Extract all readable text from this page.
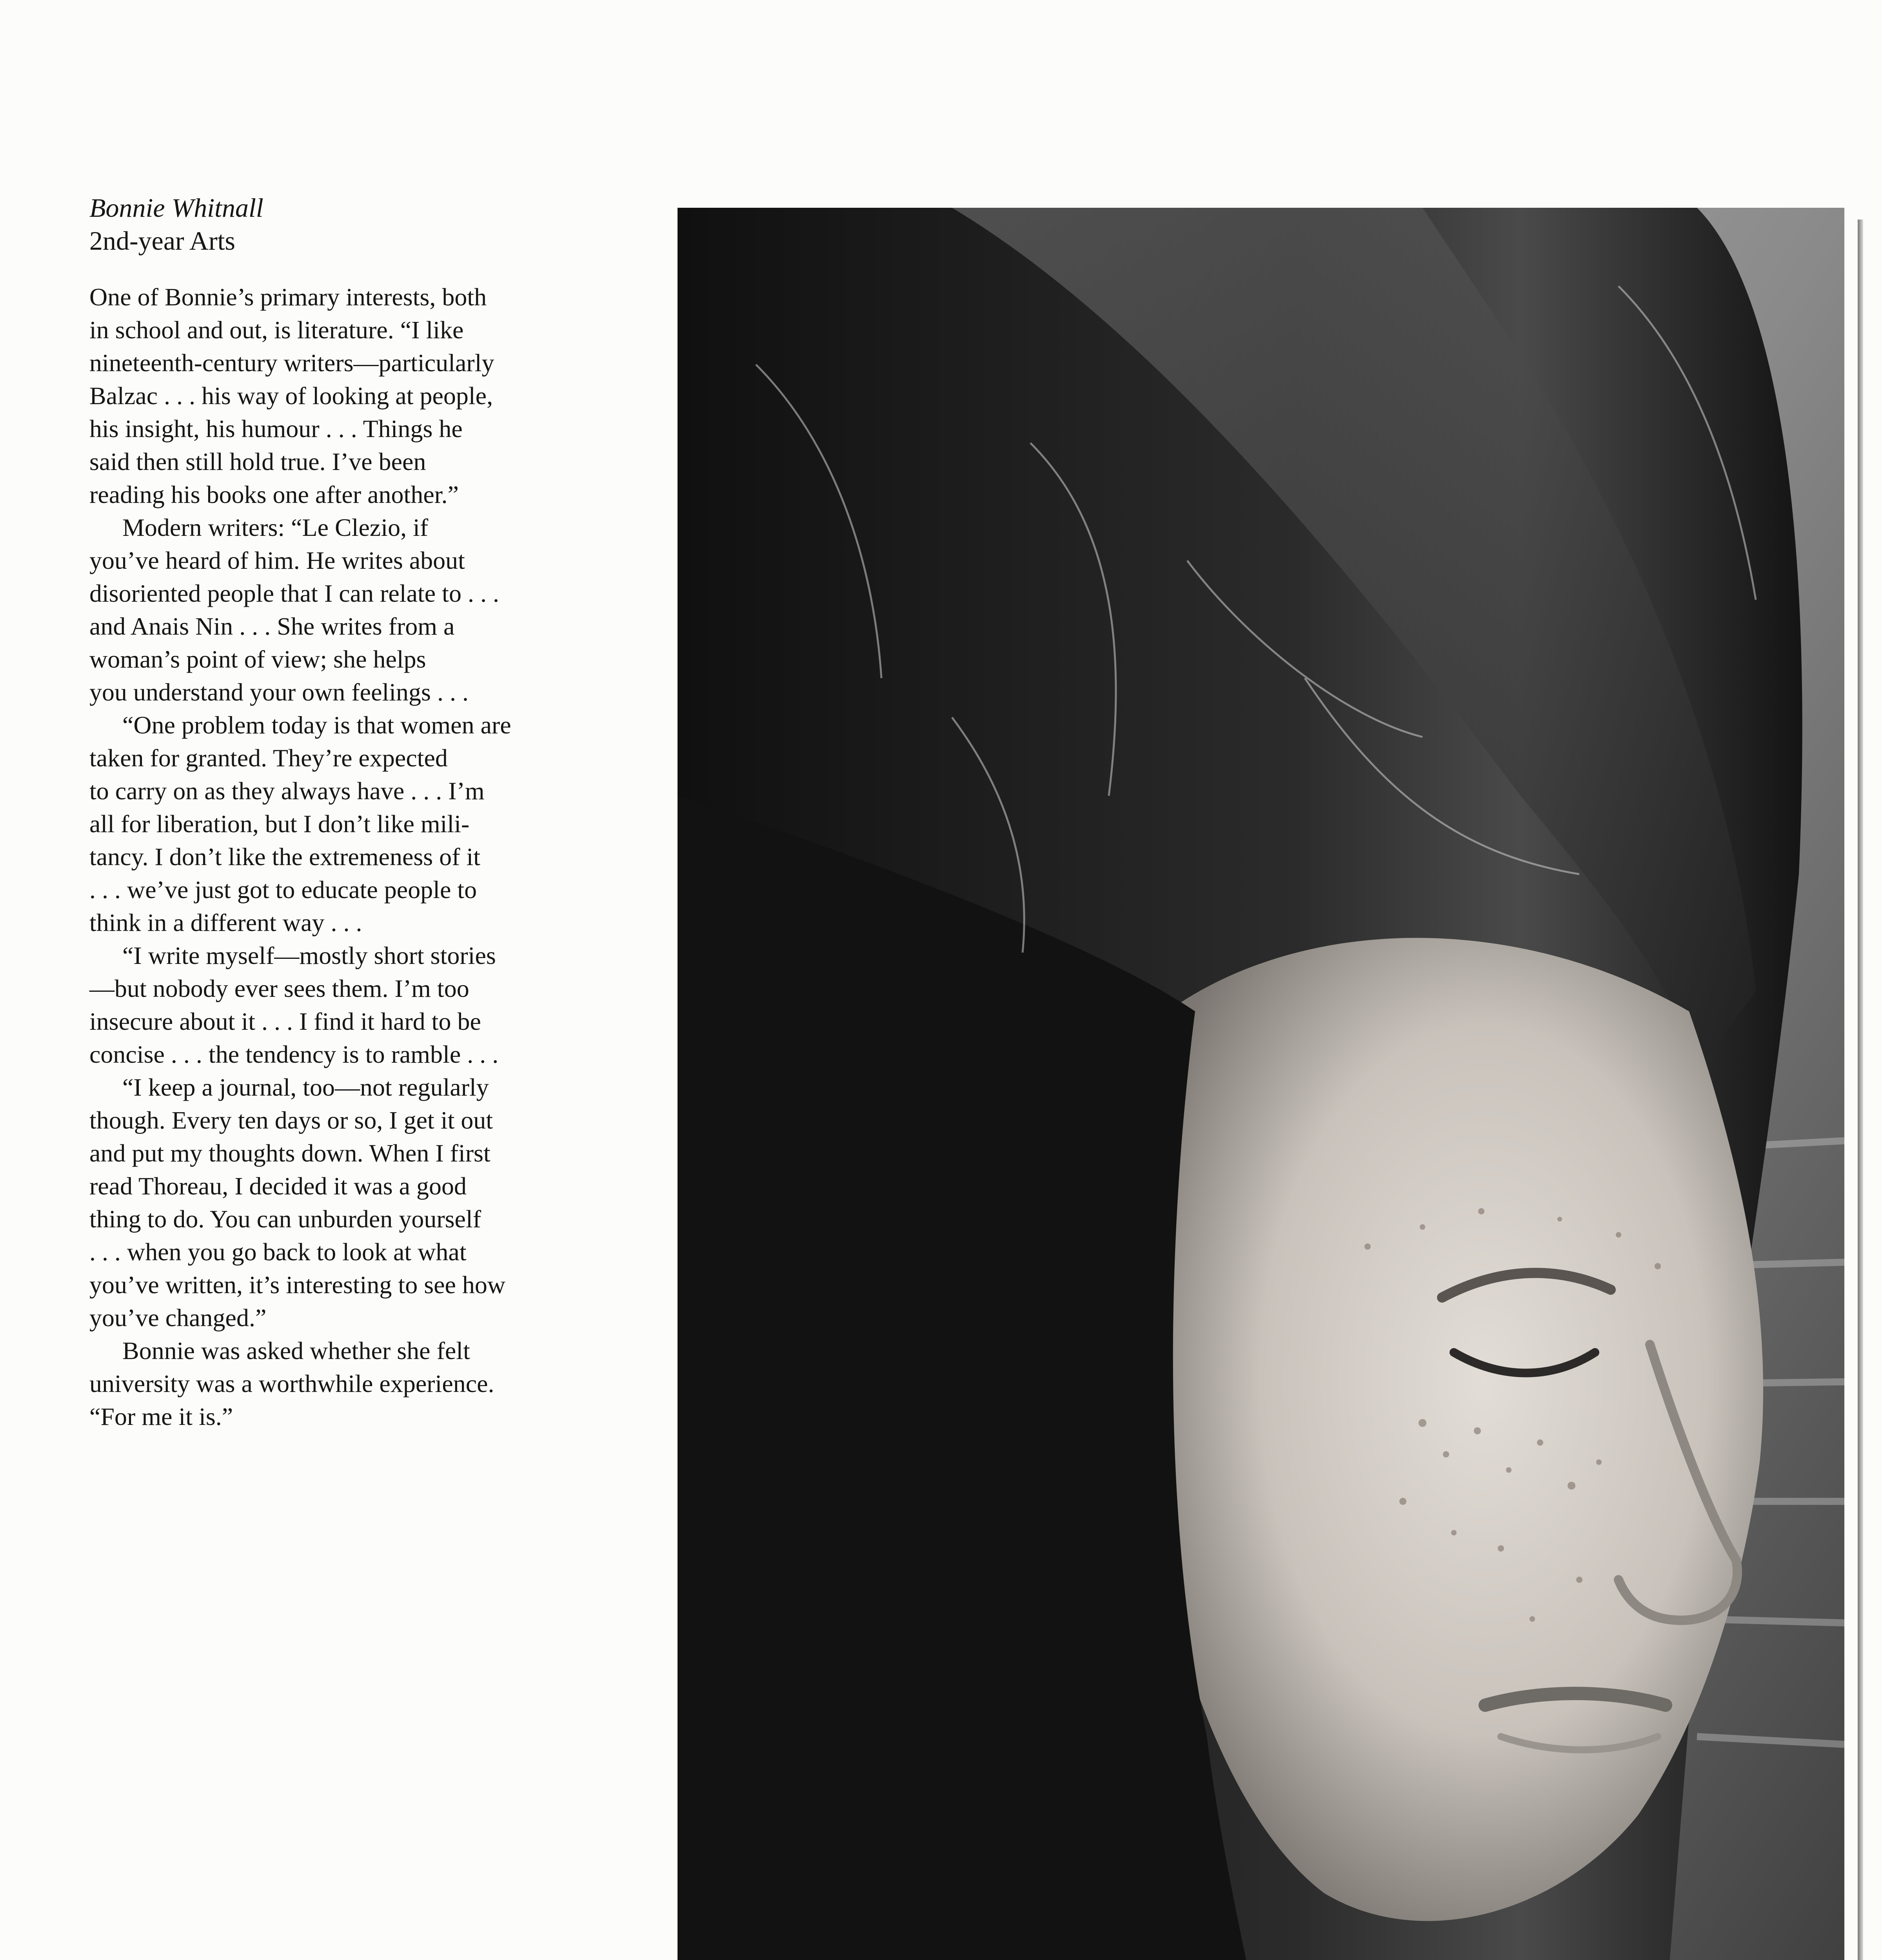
Bonnie Whitnall

2nd-year Arts

One of Bonnie’s primary interests, both
in school and out, is literature. “I like
nineteenth-century writers—particularly
Balzac . . . his way of looking at people,
his insight, his humour . . . Things he
said then still hold true. I’ve been
reading his books one after another.”

Modern writers: “Le Clezio, if
you’ve heard of him. He writes about
disoriented people that I can relate to . . .
and Anais Nin . . . She writes from a
woman’s point of view; she helps
you understand your own feelings . . .

“One problem today is that women are
taken for granted. They’re expected
to carry on as they always have . . . I’m
all for liberation, but I don’t like mili-
tancy. I don’t like the extremeness of it
. . . we’ve just got to educate people to
think in a different way . . .

“I write myself—mostly short stories
—but nobody ever sees them. I’m too
insecure about it . . . I find it hard to be
concise . . . the tendency is to ramble . . .

“I keep a journal, too—not regularly
though. Every ten days or so, I get it out
and put my thoughts down. When I first
read Thoreau, I decided it was a good
thing to do. You can unburden yourself
. . . when you go back to look at what
you’ve written, it’s interesting to see how
you’ve changed.”

Bonnie was asked whether she felt
university was a worthwhile experience.
“For me it is.”
